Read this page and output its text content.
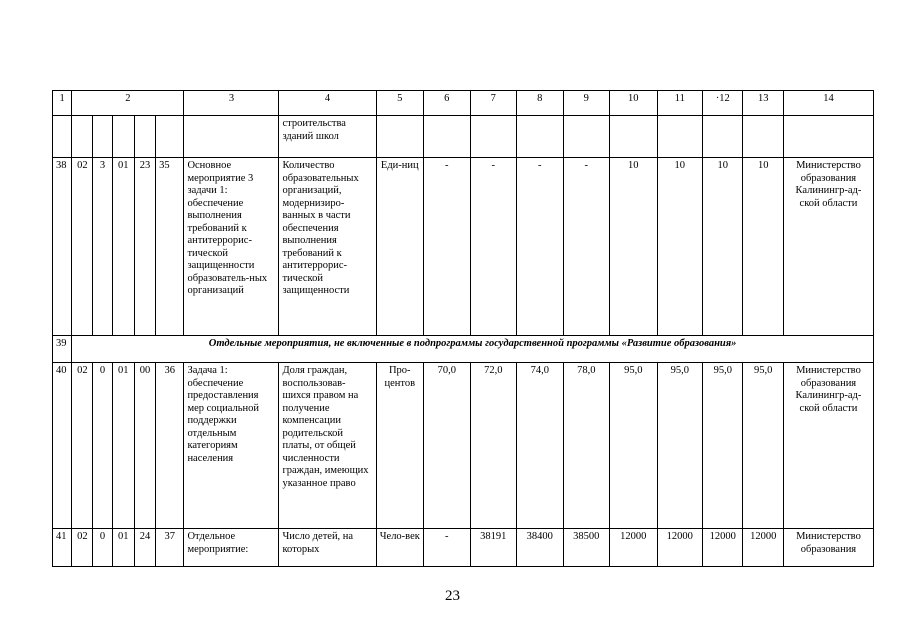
1	2					3	4	5	6	7	8	9	10	11	·12	13	14
							строительства зданий школ										
38	02	3	01	23	35	Основное мероприятие 3 задачи 1: обеспечение выполнения требований к антитеррорис-тической защищенности образователь-ных организаций	Количество образовательных организаций, модернизиро-ванных в части обеспечения выполнения требований к антитеррорис-тической защищенности	Еди-ниц	-	-	-	-	10	10	10	10	Министерство образования Калинингр-ад-ской области
39	Отдельные мероприятия, не включенные в подпрограммы государственной программы «Развитие образования»																
40	02	0	01	00	36	Задача 1: обеспечение предоставления мер социальной поддержки отдельным категориям населения	Доля граждан, воспользовав-шихся правом на получение компенсации родительской платы, от общей численности граждан, имеющих указанное право	Про-центов	70,0	72,0	74,0	78,0	95,0	95,0	95,0	95,0	Министерство образования Калинингр-ад-ской области
41	02	0	01	24	37	Отдельное мероприятие:	Число детей, на которых	Чело-век	-	38191	38400	38500	12000	12000	12000	12000	Министерство образования
23
